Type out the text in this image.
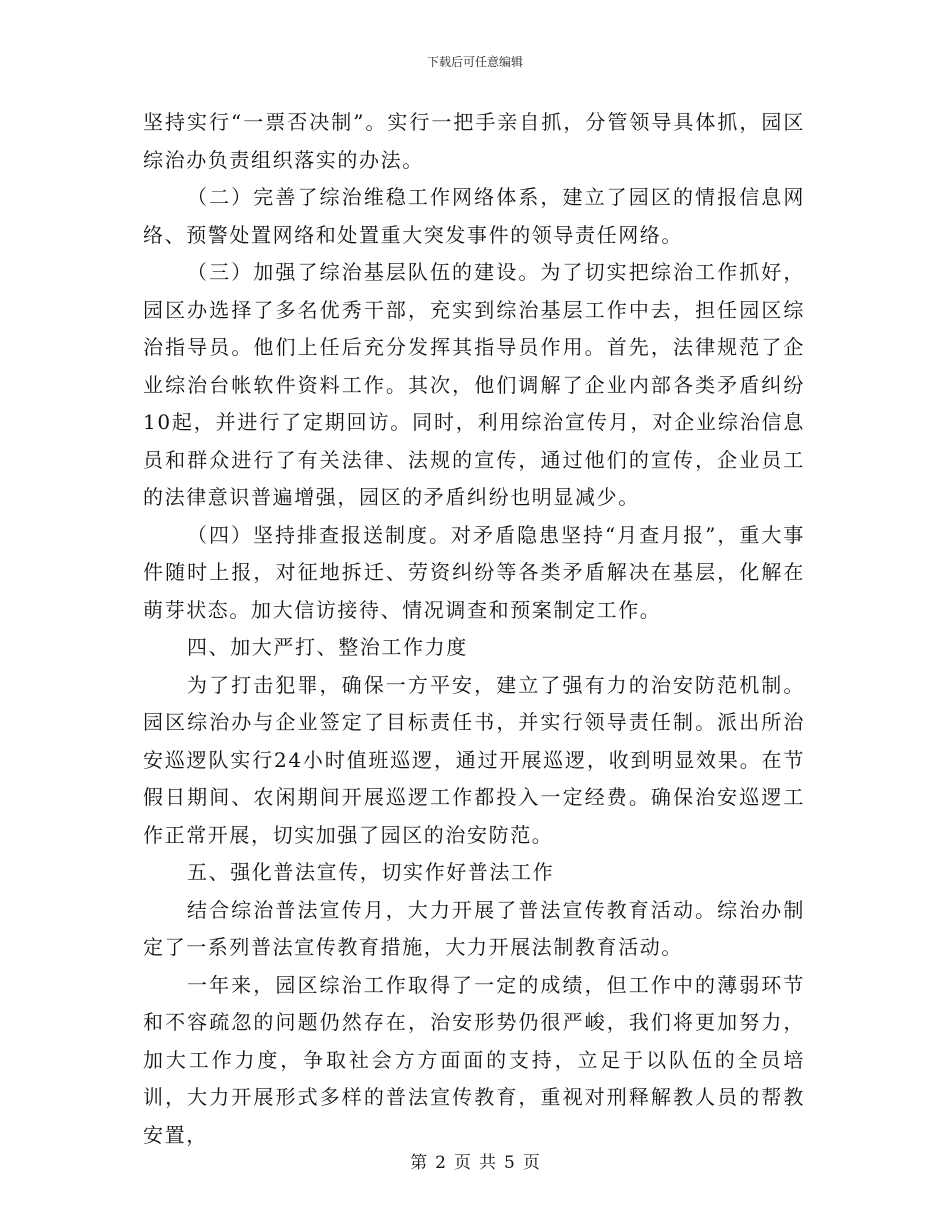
下载后可任意编辑

坚持实行“一票否决制”。实行一把手亲自抓，分管领导具体抓，园区综治办负责组织落实的办法。

（二）完善了综治维稳工作网络体系，建立了园区的情报信息网络、预警处置网络和处置重大突发事件的领导责任网络。

（三）加强了综治基层队伍的建设。为了切实把综治工作抓好，园区办选择了多名优秀干部，充实到综治基层工作中去，担任园区综治指导员。他们上任后充分发挥其指导员作用。首先，法律规范了企业综治台帐软件资料工作。其次，他们调解了企业内部各类矛盾纠纷10起，并进行了定期回访。同时，利用综治宣传月，对企业综治信息员和群众进行了有关法律、法规的宣传，通过他们的宣传，企业员工的法律意识普遍增强，园区的矛盾纠纷也明显减少。

（四）坚持排查报送制度。对矛盾隐患坚持“月查月报”，重大事件随时上报，对征地拆迁、劳资纠纷等各类矛盾解决在基层，化解在萌芽状态。加大信访接待、情况调查和预案制定工作。

四、加大严打、整治工作力度

为了打击犯罪，确保一方平安，建立了强有力的治安防范机制。园区综治办与企业签定了目标责任书，并实行领导责任制。派出所治安巡逻队实行24小时值班巡逻，通过开展巡逻，收到明显效果。在节假日期间、农闲期间开展巡逻工作都投入一定经费。确保治安巡逻工作正常开展，切实加强了园区的治安防范。

五、强化普法宣传，切实作好普法工作

结合综治普法宣传月，大力开展了普法宣传教育活动。综治办制定了一系列普法宣传教育措施，大力开展法制教育活动。

一年来，园区综治工作取得了一定的成绩，但工作中的薄弱环节和不容疏忽的问题仍然存在，治安形势仍很严峻，我们将更加努力，加大工作力度，争取社会方方面面的支持，立足于以队伍的全员培训，大力开展形式多样的普法宣传教育，重视对刑释解教人员的帮教安置，

第 2 页 共 5 页
